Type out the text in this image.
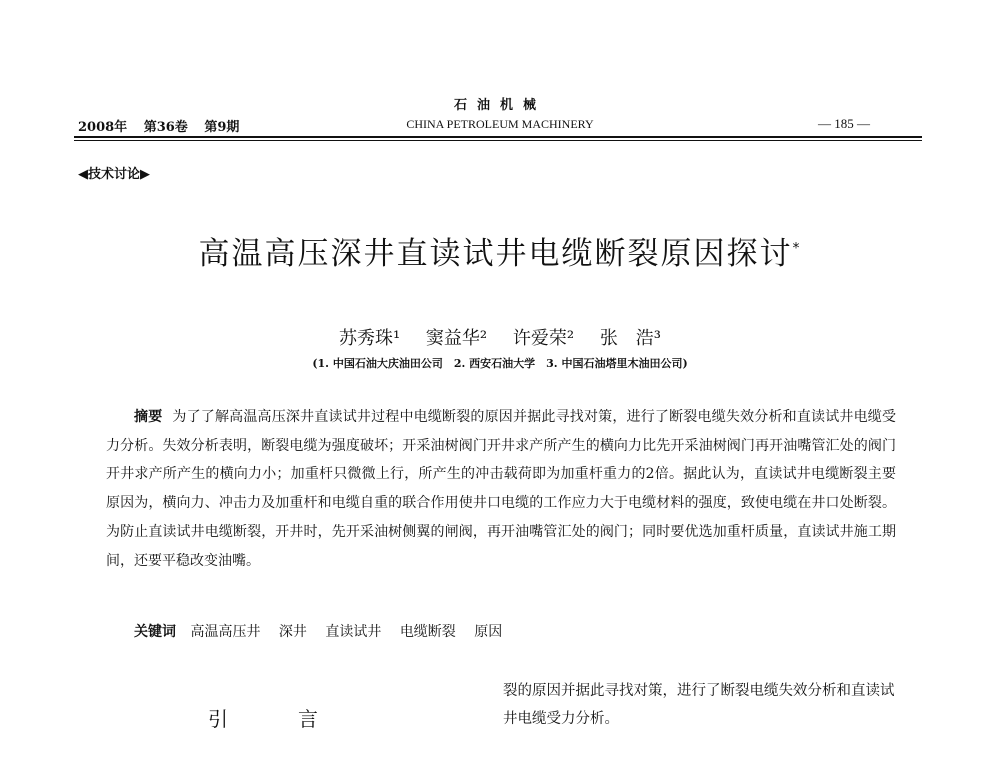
石油机械
2008年 第36卷 第9期	CHINA PETROLEUM MACHINERY	— 185 —
◀技术讨论▶
高温高压深井直读试井电缆断裂原因探讨*
苏秀珠¹ 窦益华² 许爱荣² 张　浩³
(1. 中国石油大庆油田公司　2. 西安石油大学　3. 中国石油塔里木油田公司)
摘要 为了了解高温高压深井直读试井过程中电缆断裂的原因并据此寻找对策，进行了断裂电缆失效分析和直读试井电缆受力分析。失效分析表明，断裂电缆为强度破坏；开采油树阀门开井求产所产生的横向力比先开采油树阀门再开油嘴管汇处的阀门开井求产所产生的横向力小；加重杆只微微上行，所产生的冲击载荷即为加重杆重力的2倍。据此认为，直读试井电缆断裂主要原因为，横向力、冲击力及加重杆和电缆自重的联合作用使井口电缆的工作应力大于电缆材料的强度，致使电缆在井口处断裂。为防止直读试井电缆断裂，开井时，先开采油树侧翼的闸阀，再开油嘴管汇处的阀门；同时要优选加重杆质量，直读试井施工期间，还要平稳改变油嘴。
关键词 高温高压井 深井 直读试井 电缆断裂 原因
引言
裂的原因并据此寻找对策，进行了断裂电缆失效分析和直读试井电缆受力分析。
